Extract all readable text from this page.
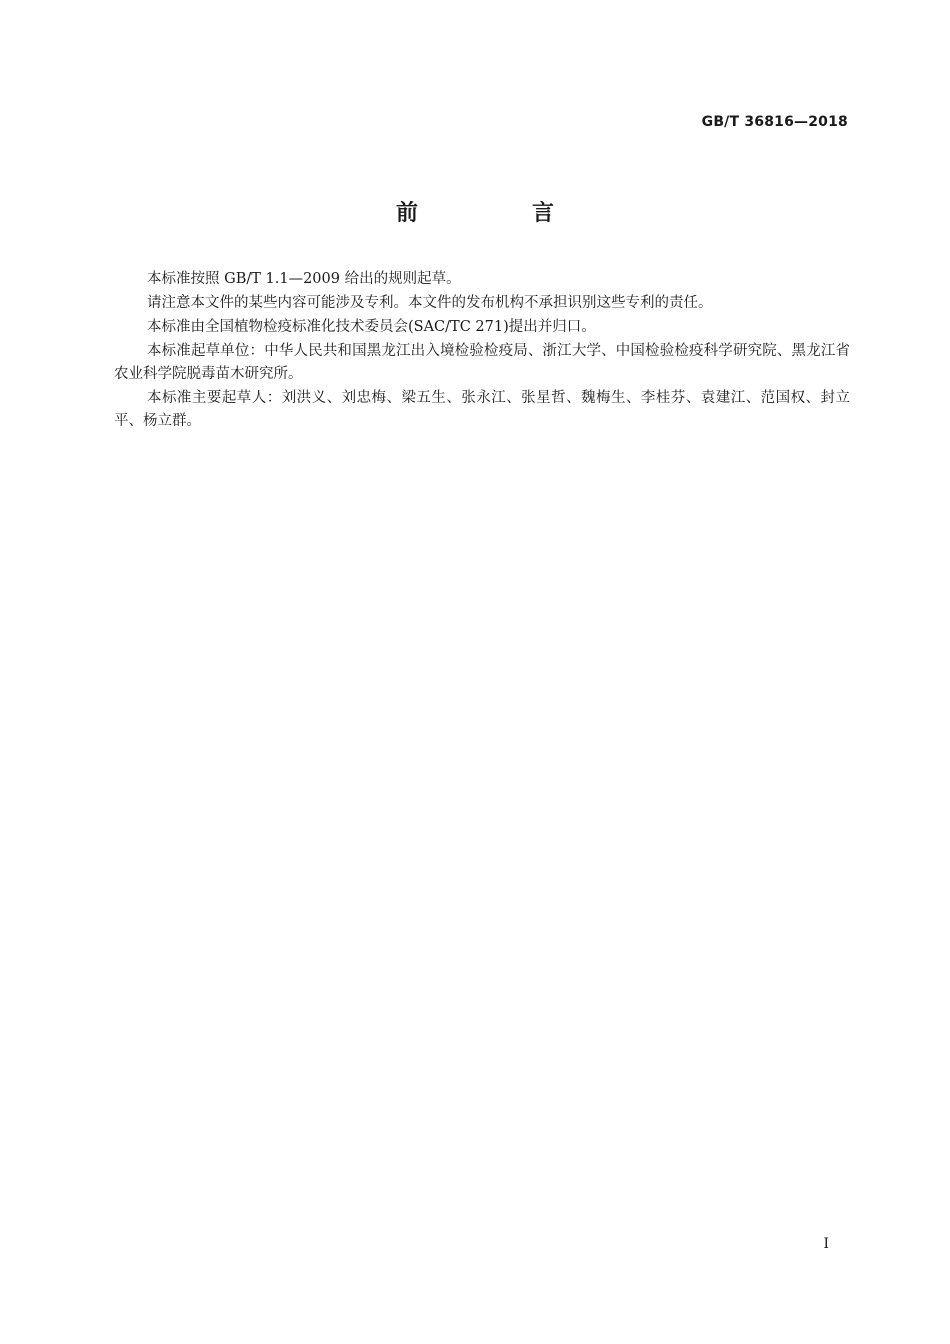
GB/T 36816—2018
前　言

本标准按照 GB/T 1.1—2009 给出的规则起草。

请注意本文件的某些内容可能涉及专利。本文件的发布机构不承担识别这些专利的责任。

本标准由全国植物检疫标准化技术委员会(SAC/TC 271)提出并归口。

本标准起草单位：中华人民共和国黑龙江出入境检验检疫局、浙江大学、中国检验检疫科学研究院、黑龙江省农业科学院脱毒苗木研究所。

本标准主要起草人：刘洪义、刘忠梅、梁五生、张永江、张星哲、魏梅生、李桂芬、袁建江、范国权、封立平、杨立群。

I
